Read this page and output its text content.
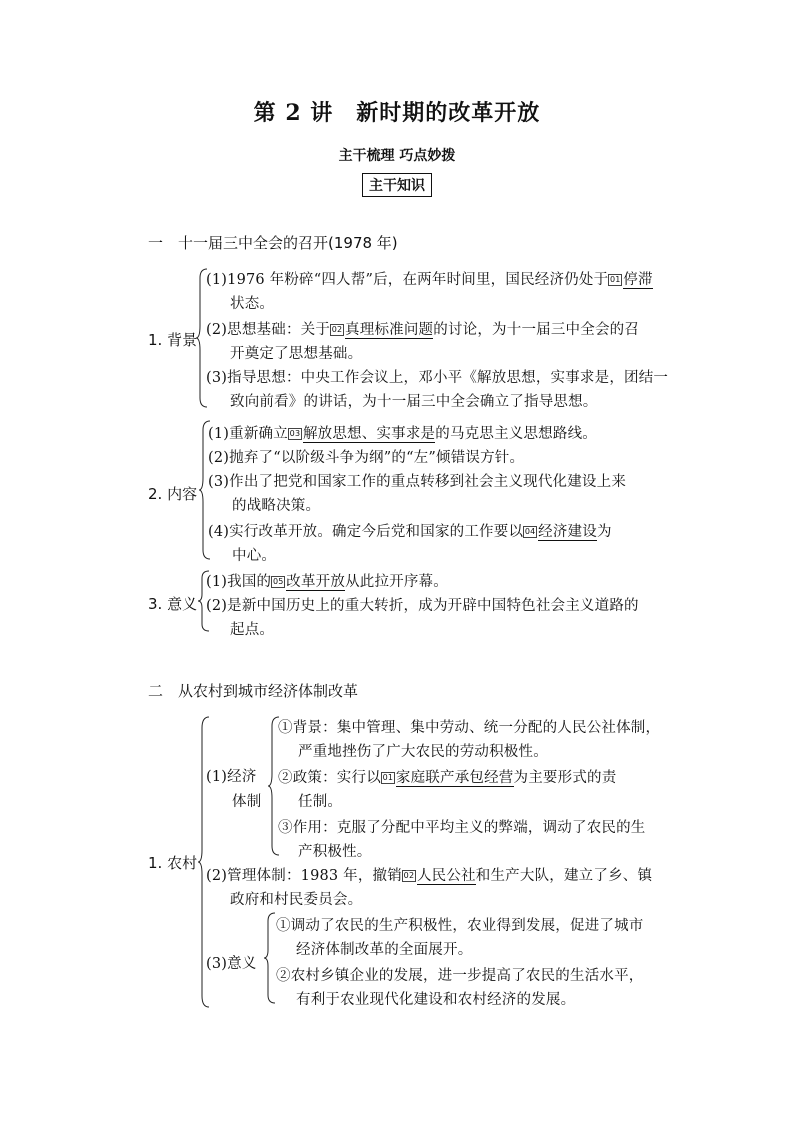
第 2 讲　新时期的改革开放
主干梳理 巧点妙拨
主干知识
一　十一届三中全会的召开(1978 年)
1. 背景
(1)1976 年粉碎“四人帮”后，在两年时间里，国民经济仍处于 01 停滞
状态。
(2)思想基础：关于 02 真理标准问题的讨论，为十一届三中全会的召
开奠定了思想基础。
(3)指导思想：中央工作会议上，邓小平《解放思想，实事求是，团结一
致向前看》的讲话，为十一届三中全会确立了指导思想。
2. 内容
(1)重新确立 03 解放思想、实事求是的马克思主义思想路线。
(2)抛弃了“以阶级斗争为纲”的“左”倾错误方针。
(3)作出了把党和国家工作的重点转移到社会主义现代化建设上来
的战略决策。
(4)实行改革开放。确定今后党和国家的工作要以 04 经济建设为
中心。
3. 意义
(1)我国的 05 改革开放从此拉开序幕。
(2)是新中国历史上的重大转折，成为开辟中国特色社会主义道路的
起点。
二　从农村到城市经济体制改革
1. 农村
(1)经济
体制
①背景：集中管理、集中劳动、统一分配的人民公社体制，
严重地挫伤了广大农民的劳动积极性。
②政策：实行以 01 家庭联产承包经营为主要形式的责
任制。
③作用：克服了分配中平均主义的弊端，调动了农民的生
产积极性。
(2)管理体制：1983 年，撤销 02 人民公社和生产大队，建立了乡、镇
政府和村民委员会。
(3)意义
①调动了农民的生产积极性，农业得到发展，促进了城市
经济体制改革的全面展开。
②农村乡镇企业的发展，进一步提高了农民的生活水平，
有利于农业现代化建设和农村经济的发展。
